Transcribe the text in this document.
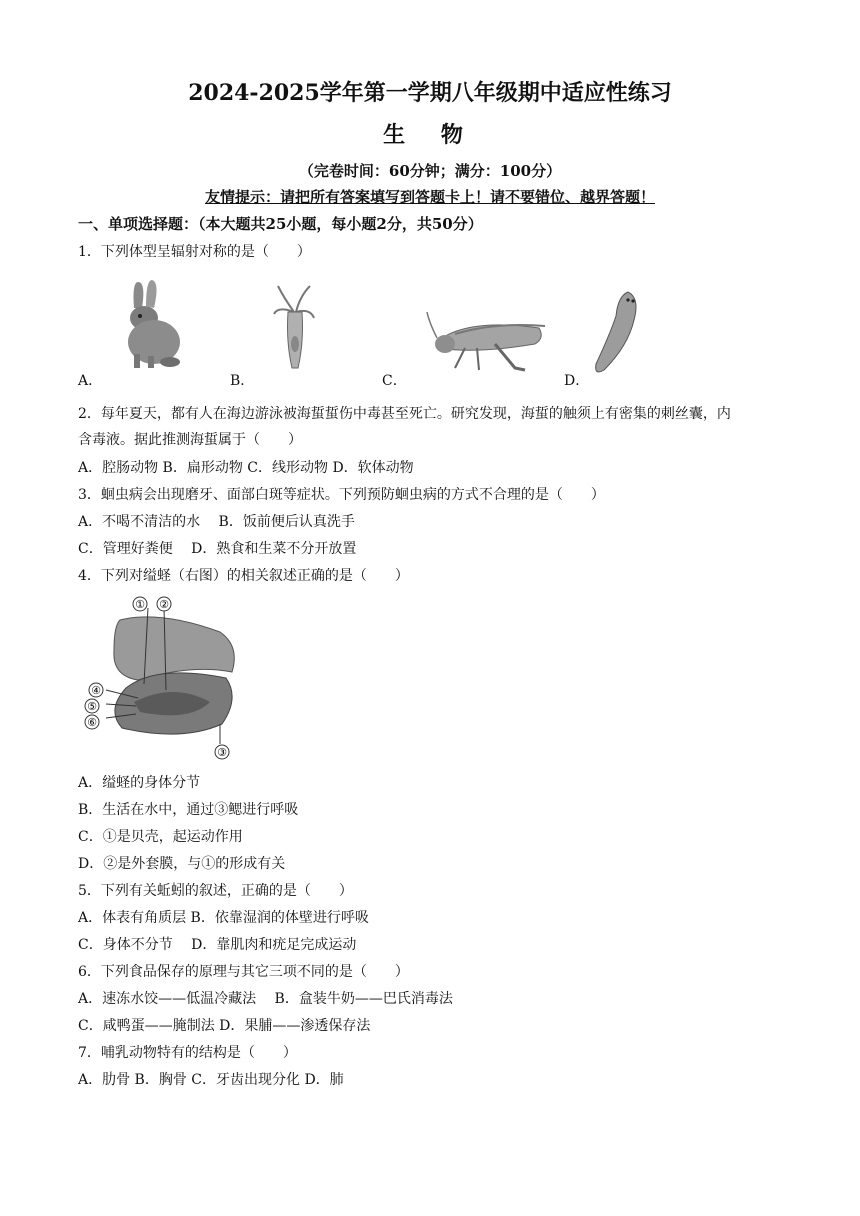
2024-2025学年第一学期八年级期中适应性练习
生 物
（完卷时间：60分钟；满分：100分）
友情提示：请把所有答案填写到答题卡上！请不要错位、越界答题！
一、单项选择题：（本大题共25小题，每小题2分，共50分）
1．下列体型呈辐射对称的是（　　）
A．	B．	C．	D．
2．每年夏天，都有人在海边游泳被海蜇蜇伤中毒甚至死亡。研究发现，海蜇的触须上有密集的刺丝囊，内
含毒液。据此推测海蜇属于（　　）
A．腔肠动物 B．扁形动物 C．线形动物 D．软体动物
3．蛔虫病会出现磨牙、面部白斑等症状。下列预防蛔虫病的方式不合理的是（　　）
A．不喝不清洁的水　 B．饭前便后认真洗手
C．管理好粪便　 D．熟食和生菜不分开放置
4．下列对缢蛏（右图）的相关叙述正确的是（　　）
① ②
④
⑤
⑥
③
A．缢蛏的身体分节
B．生活在水中，通过③鳃进行呼吸
C．①是贝壳，起运动作用
D．②是外套膜，与①的形成有关
5．下列有关蚯蚓的叙述，正确的是（　　）
A．体表有角质层 B．依靠湿润的体壁进行呼吸
C．身体不分节　 D．靠肌肉和疣足完成运动
6．下列食品保存的原理与其它三项不同的是（　　）
A．速冻水饺——低温冷藏法　 B．盒装牛奶——巴氏消毒法
C．咸鸭蛋——腌制法 D．果脯——渗透保存法
7．哺乳动物特有的结构是（　　）
A．肋骨 B．胸骨 C．牙齿出现分化 D．肺
